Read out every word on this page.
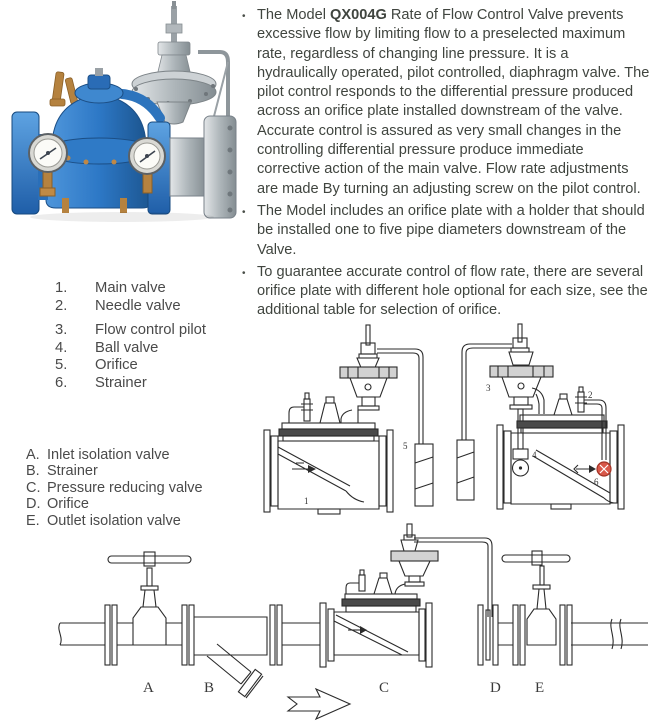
• The Model QX004G Rate of Flow Control Valve prevents excessive flow by limiting flow to a preselected maximum rate, regardless of changing line pressure. It is a hydraulically operated, pilot controlled, diaphragm valve. The pilot control responds to the differential pressure produced across an orifice plate installed downstream of the valve. Accurate control is assured as very small changes in the controlling differential pressure produce immediate corrective action of the main valve. Flow rate adjustments are made By turning an adjusting screw on the pilot control.

• The Model includes an orifice plate with a holder that should be installed one to five pipe diameters downstream of the Valve.

• To guarantee accurate control of flow rate, there are several orifice plate with different hole optional for each size, see the additional table for selection of orifice.

1.	Main valve
2.	Needle valve
3.	Flow control pilot
4.	Ball valve
5.	Orifice
6.	Strainer
A. Inlet isolation valve
B. Strainer
C. Pressure reducing valve
D. Orifice
E. Outlet isolation valve
5
1
3
4
2
6
A	B	C	D E
